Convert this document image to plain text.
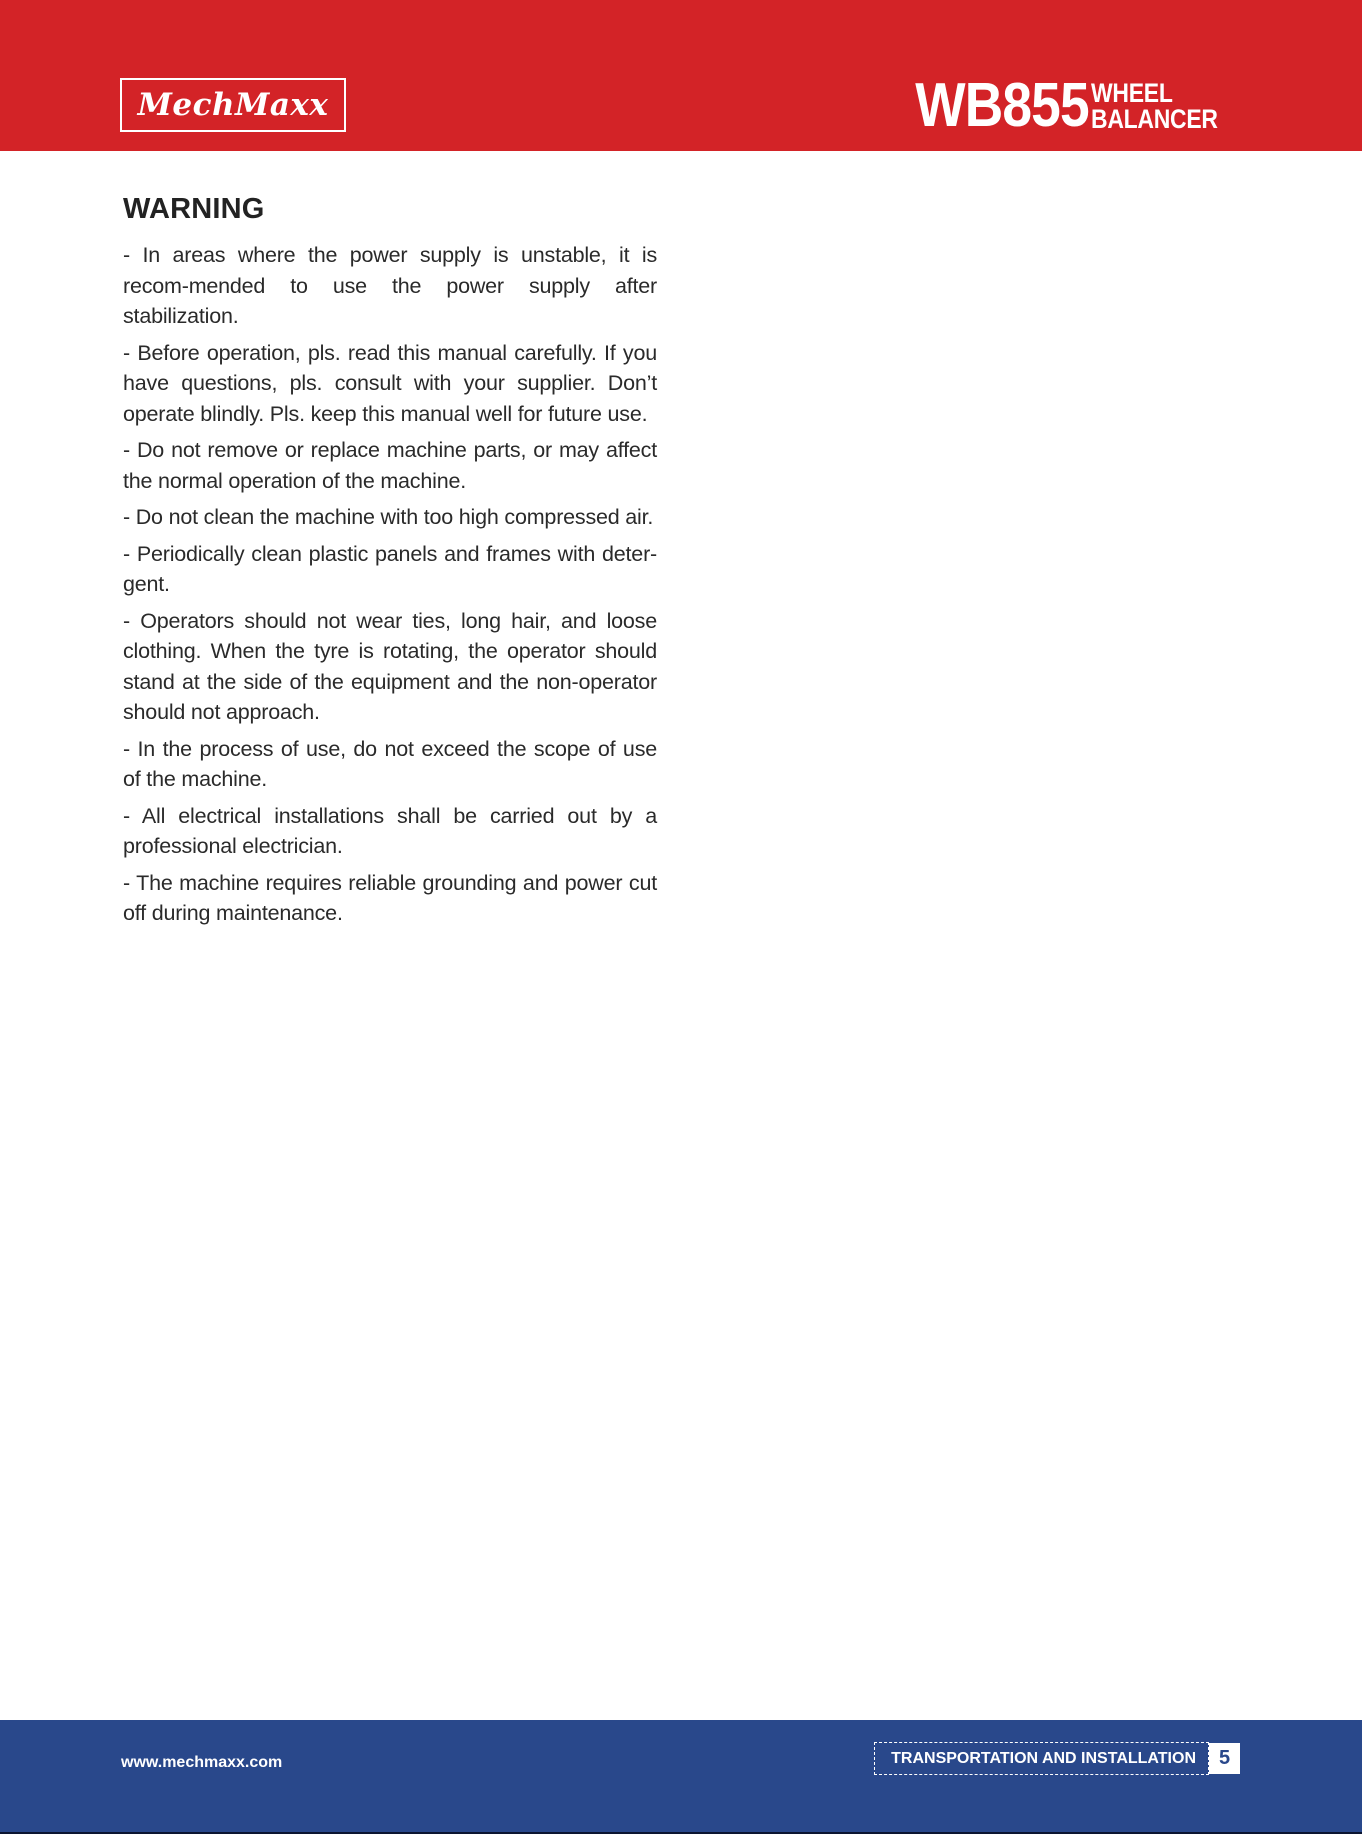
MechMaxx	WB855 WHEEL
BALANCER
WARNING
- In areas where the power supply is unstable, it is recom-mended to use the power supply after stabilization.
- Before operation, pls. read this manual carefully. If you have questions, pls. consult with your supplier. Don’t operate blindly. Pls. keep this manual well for future use.
- Do not remove or replace machine parts, or may affect the normal operation of the machine.
- Do not clean the machine with too high compressed air.
- Periodically clean plastic panels and frames with deter-gent.
- Operators should not wear ties, long hair, and loose clothing. When the tyre is rotating, the operator should stand at the side of the equipment and the non-operator should not approach.
- In the process of use, do not exceed the scope of use of the machine.
- All electrical installations shall be carried out by a professional electrician.
- The machine requires reliable grounding and power cut off during maintenance.
www.mechmaxx.com	TRANSPORTATION AND INSTALLATION	5
